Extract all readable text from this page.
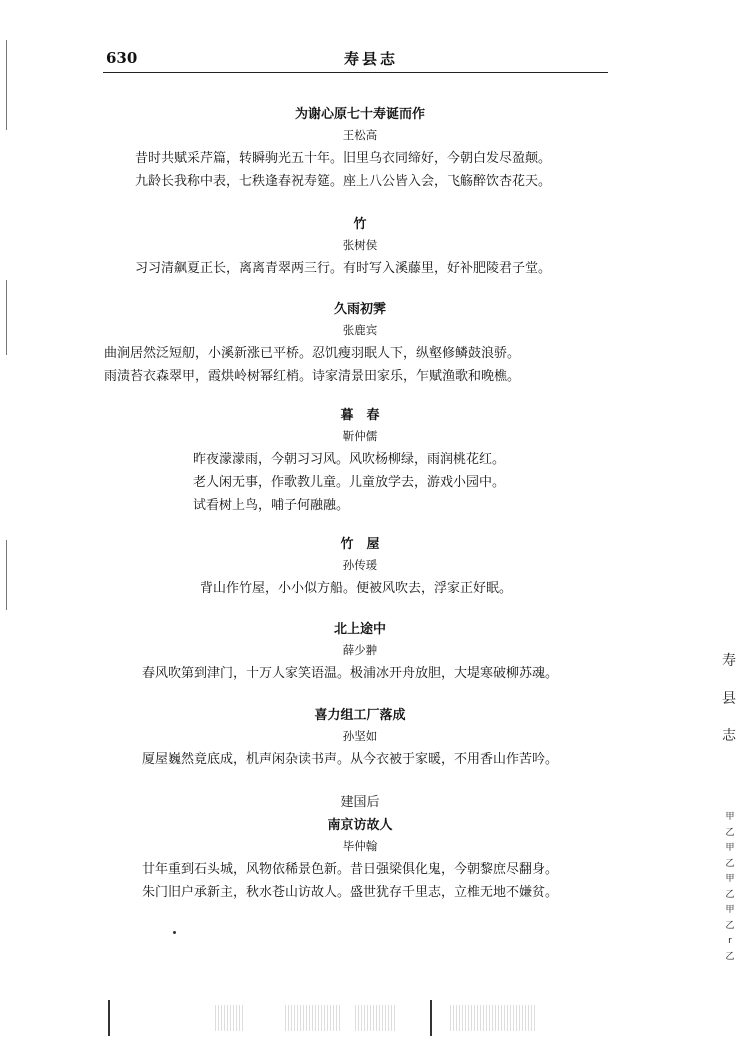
630	寿县志
为谢心原七十寿诞而作
王松高
昔时共赋采芹篇，转瞬驹光五十年。旧里乌衣同缔好，今朝白发尽盈颠。
九龄长我称中表，七秩逢春祝寿筵。座上八公皆入会，飞觞醉饮杏花天。
竹
张树侯
习习清飙夏正长，离离青翠两三行。有时写入溪藤里，好补肥陵君子堂。
久雨初霁
张鹿宾
曲涧居然泛短舠，小溪新涨已平桥。忍饥瘦羽眠人下，纵壑修鳞鼓浪骄。
雨渍苔衣森翠甲，霞烘岭树幂红梢。诗家清景田家乐，乍赋渔歌和晚樵。
暮　春
靳仲儒
昨夜濛濛雨，今朝习习风。风吹杨柳绿，雨润桃花红。
老人闲无事，作歌教儿童。儿童放学去，游戏小园中。
试看树上鸟，哺子何融融。
竹　屋
孙传瑗
背山作竹屋，小小似方船。便被风吹去，浮家正好眠。
北上途中
薛少翀
春风吹第到津门，十万人家笑语温。极浦冰开舟放胆，大堤寒破柳苏魂。
喜力组工厂落成
孙坚如
厦屋巍然竟底成，机声闲杂读书声。从今衣被于家暖，不用香山作苦吟。
建国后
南京访故人
毕仲翰
廿年重到石头城，风物依稀景色新。昔日强梁俱化鬼，今朝黎庶尽翻身。
朱门旧户承新主，秋水苍山访故人。盛世犹存千里志，立椎无地不嫌贫。
寿
县
志
甲
乙
甲
乙
甲
乙
甲
乙
r
乙
